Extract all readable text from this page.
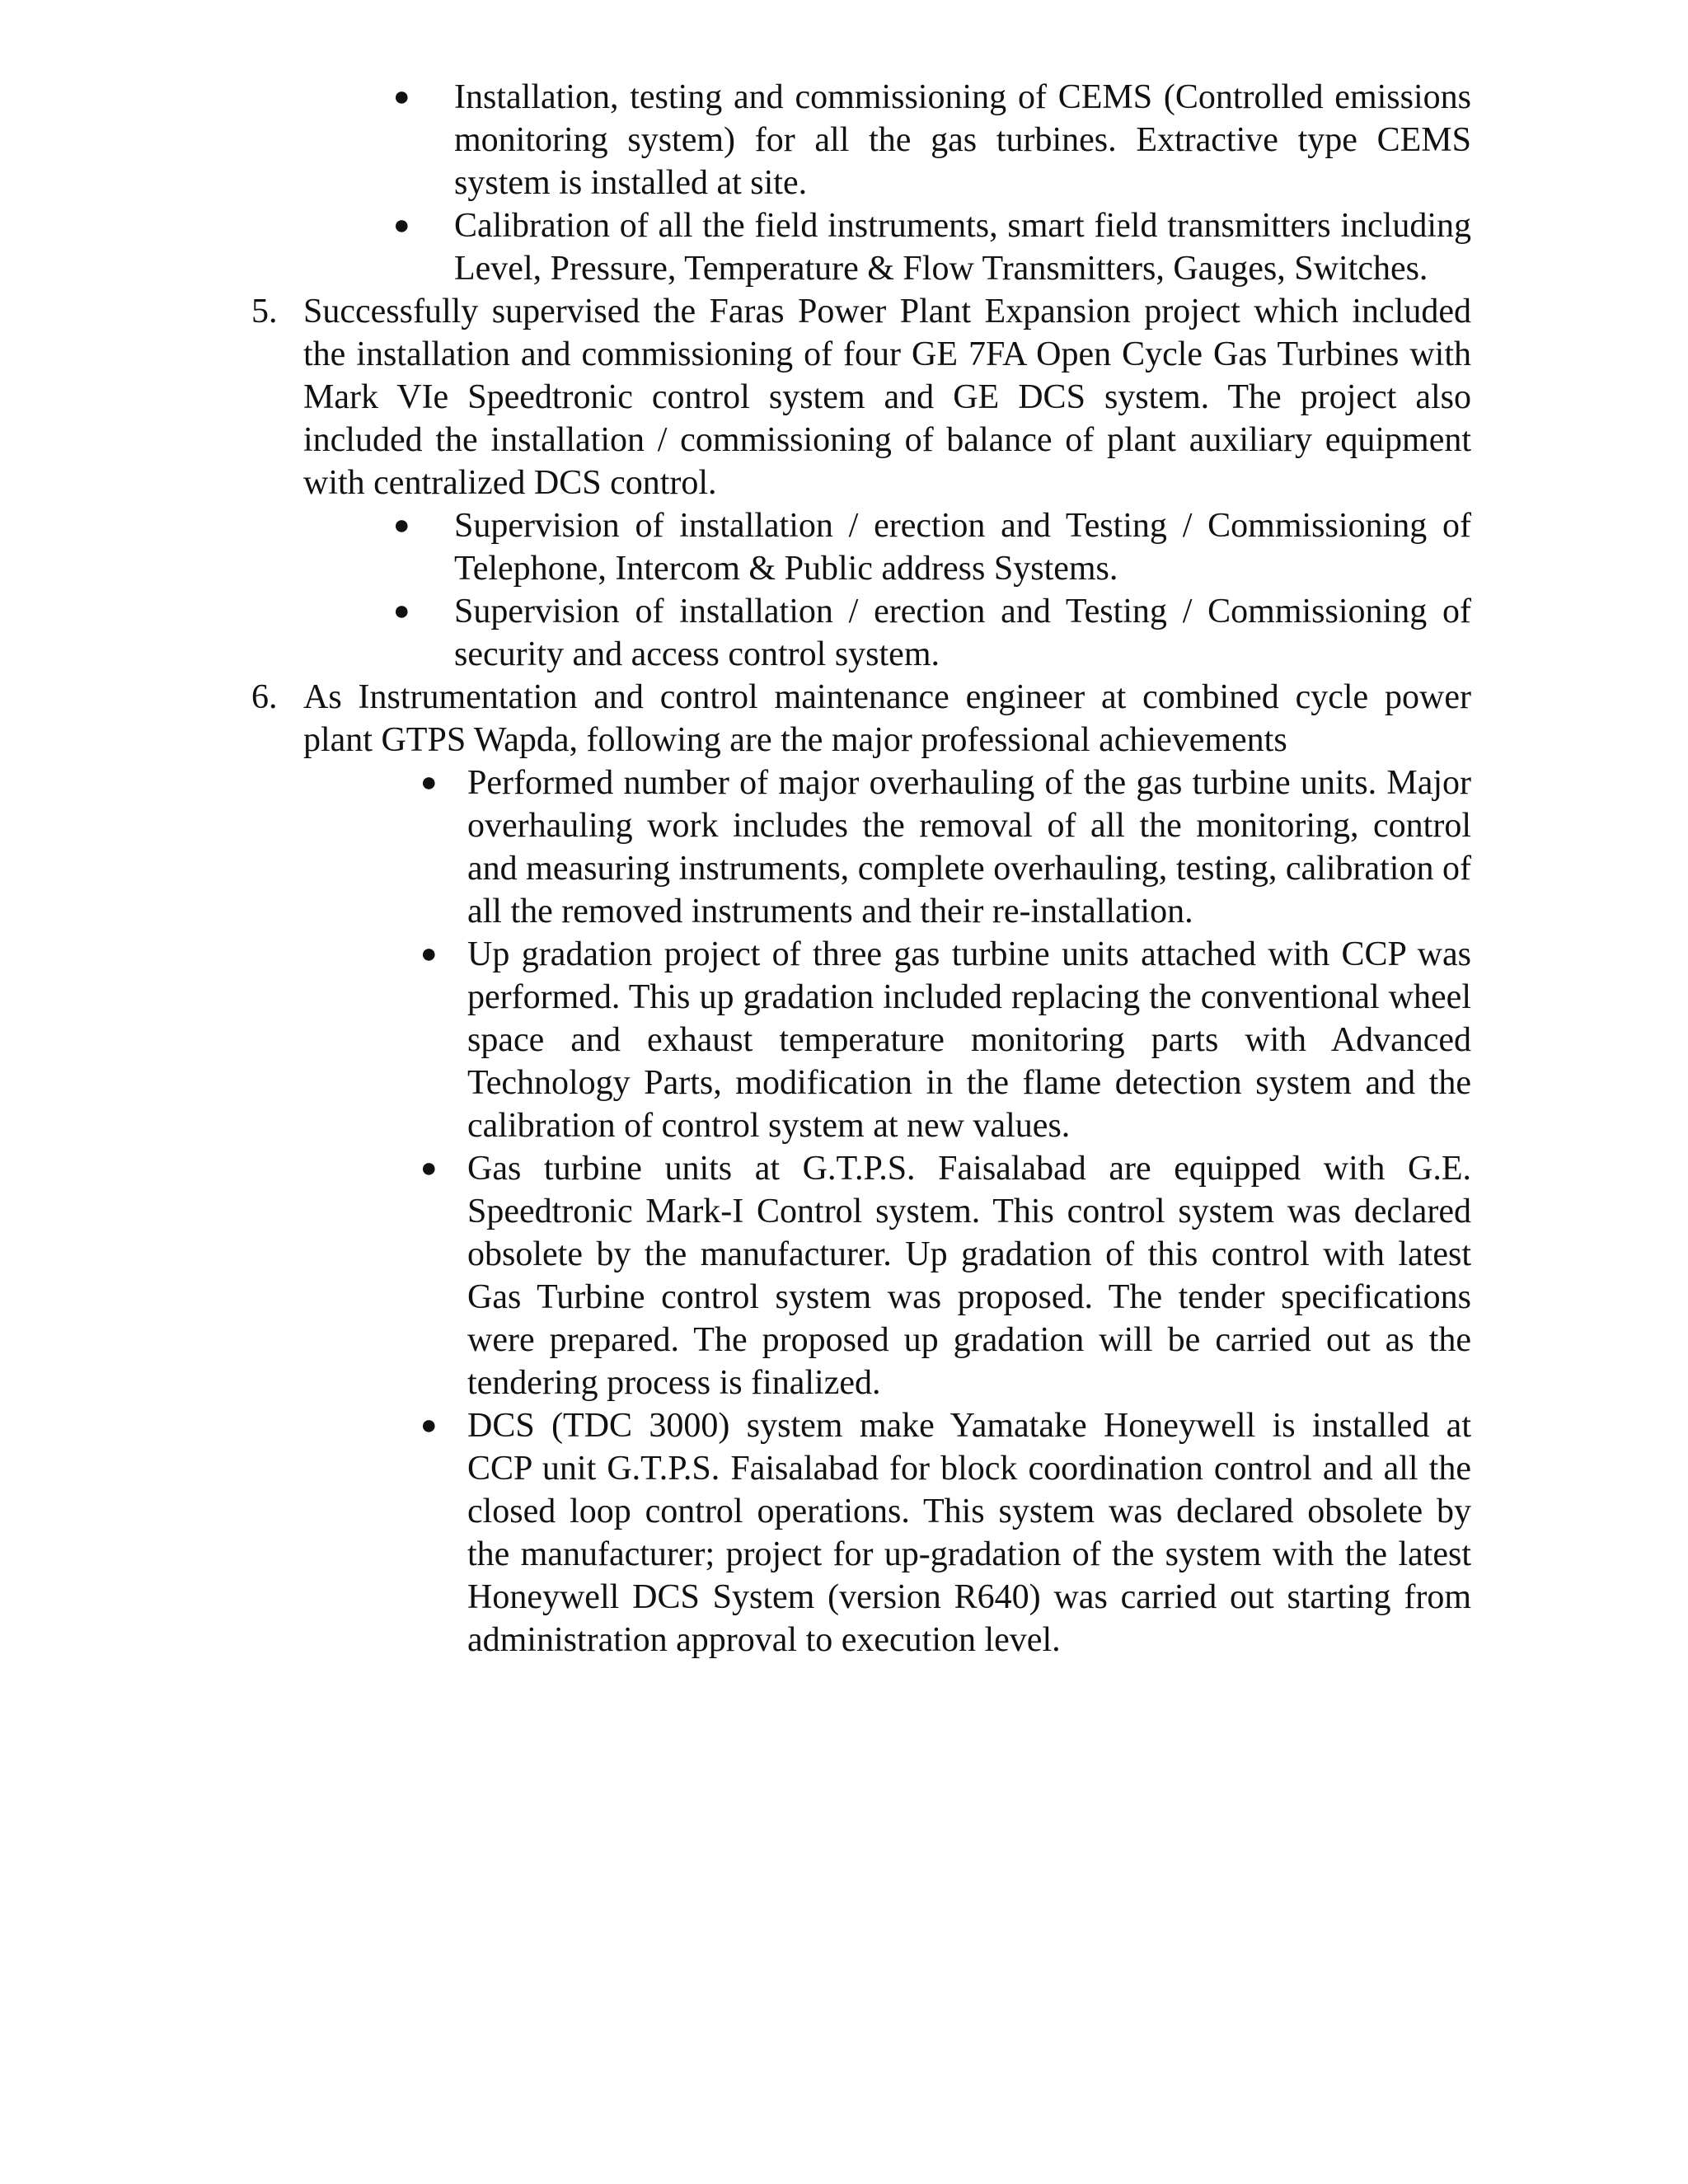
● Installation, testing and commissioning of CEMS (Controlled emissions monitoring system) for all the gas turbines. Extractive type CEMS system is installed at site.
● Calibration of all the field instruments, smart field transmitters including Level, Pressure, Temperature & Flow Transmitters, Gauges, Switches.
5. Successfully supervised the Faras Power Plant Expansion project which included the installation and commissioning of four GE 7FA Open Cycle Gas Turbines with Mark VIe Speedtronic control system and GE DCS system. The project also included the installation / commissioning of balance of plant auxiliary equipment with centralized DCS control.
● Supervision of installation / erection and Testing / Commissioning of Telephone, Intercom & Public address Systems.
● Supervision of installation / erection and Testing / Commissioning of security and access control system.
6. As Instrumentation and control maintenance engineer at combined cycle power plant GTPS Wapda, following are the major professional achievements
● Performed number of major overhauling of the gas turbine units. Major overhauling work includes the removal of all the monitoring, control and measuring instruments, complete overhauling, testing, calibration of all the removed instruments and their re-installation.
● Up gradation project of three gas turbine units attached with CCP was performed. This up gradation included replacing the conventional wheel space and exhaust temperature monitoring parts with Advanced Technology Parts, modification in the flame detection system and the calibration of control system at new values.
● Gas turbine units at G.T.P.S. Faisalabad are equipped with G.E. Speedtronic Mark-I Control system. This control system was declared obsolete by the manufacturer. Up gradation of this control with latest Gas Turbine control system was proposed. The tender specifications were prepared. The proposed up gradation will be carried out as the tendering process is finalized.
● DCS (TDC 3000) system make Yamatake Honeywell is installed at CCP unit G.T.P.S. Faisalabad for block coordination control and all the closed loop control operations. This system was declared obsolete by the manufacturer; project for up-gradation of the system with the latest Honeywell DCS System (version R640) was carried out starting from administration approval to execution level.
